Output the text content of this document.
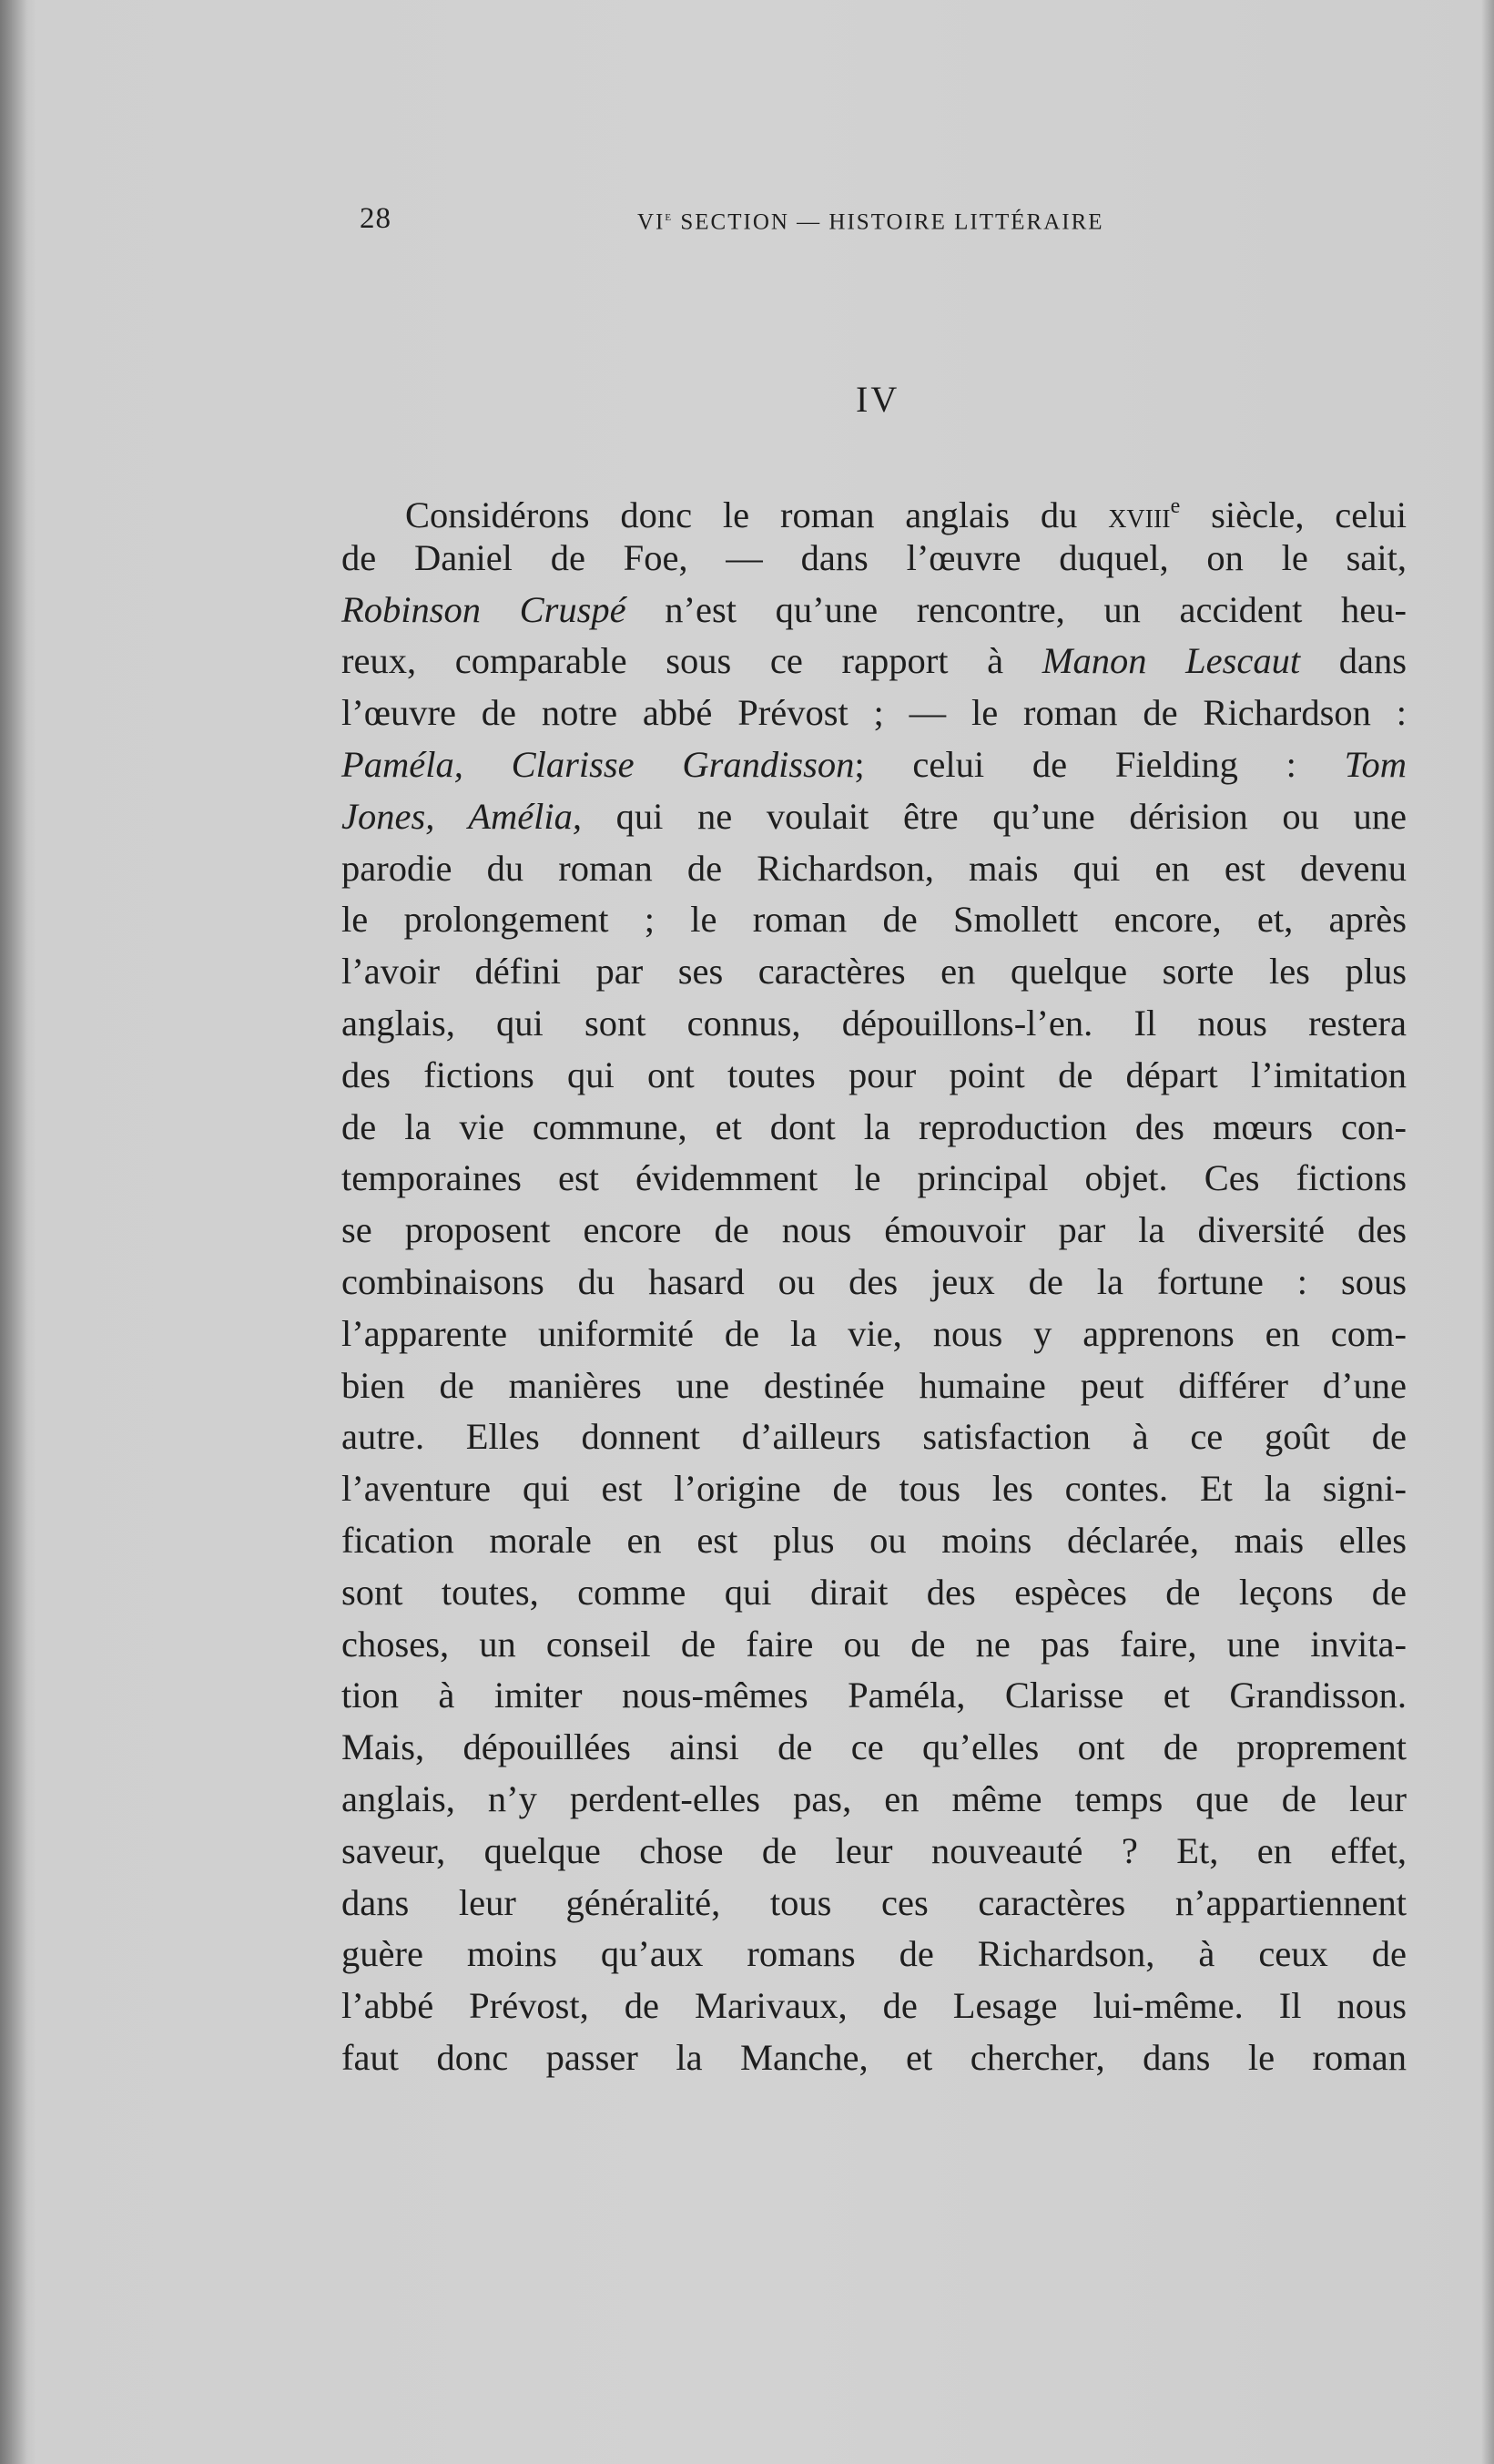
28	VIe SECTION — HISTOIRE LITTÉRAIRE
IV
Considérons donc le roman anglais du xviii$^e$ siècle, celui
de Daniel de Foe, — dans l’œuvre duquel, on le sait,
Robinson Cruspé n’est qu’une rencontre, un accident heu-
reux, comparable sous ce rapport à Manon Lescaut dans
l’œuvre de notre abbé Prévost ; — le roman de Richardson :
Paméla, Clarisse Grandisson; celui de Fielding : Tom
Jones, Amélia, qui ne voulait être qu’une dérision ou une
parodie du roman de Richardson, mais qui en est devenu
le prolongement ; le roman de Smollett encore, et, après
l’avoir défini par ses caractères en quelque sorte les plus
anglais, qui sont connus, dépouillons-l’en. Il nous restera
des fictions qui ont toutes pour point de départ l’imitation
de la vie commune, et dont la reproduction des mœurs con-
temporaines est évidemment le principal objet. Ces fictions
se proposent encore de nous émouvoir par la diversité des
combinaisons du hasard ou des jeux de la fortune : sous
l’apparente uniformité de la vie, nous y apprenons en com-
bien de manières une destinée humaine peut différer d’une
autre. Elles donnent d’ailleurs satisfaction à ce goût de
l’aventure qui est l’origine de tous les contes. Et la signi-
fication morale en est plus ou moins déclarée, mais elles
sont toutes, comme qui dirait des espèces de leçons de
choses, un conseil de faire ou de ne pas faire, une invita-
tion à imiter nous-mêmes Paméla, Clarisse et Grandisson.
Mais, dépouillées ainsi de ce qu’elles ont de proprement
anglais, n’y perdent-elles pas, en même temps que de leur
saveur, quelque chose de leur nouveauté ? Et, en effet,
dans leur généralité, tous ces caractères n’appartiennent
guère moins qu’aux romans de Richardson, à ceux de
l’abbé Prévost, de Marivaux, de Lesage lui-même. Il nous
faut donc passer la Manche, et chercher, dans le roman
